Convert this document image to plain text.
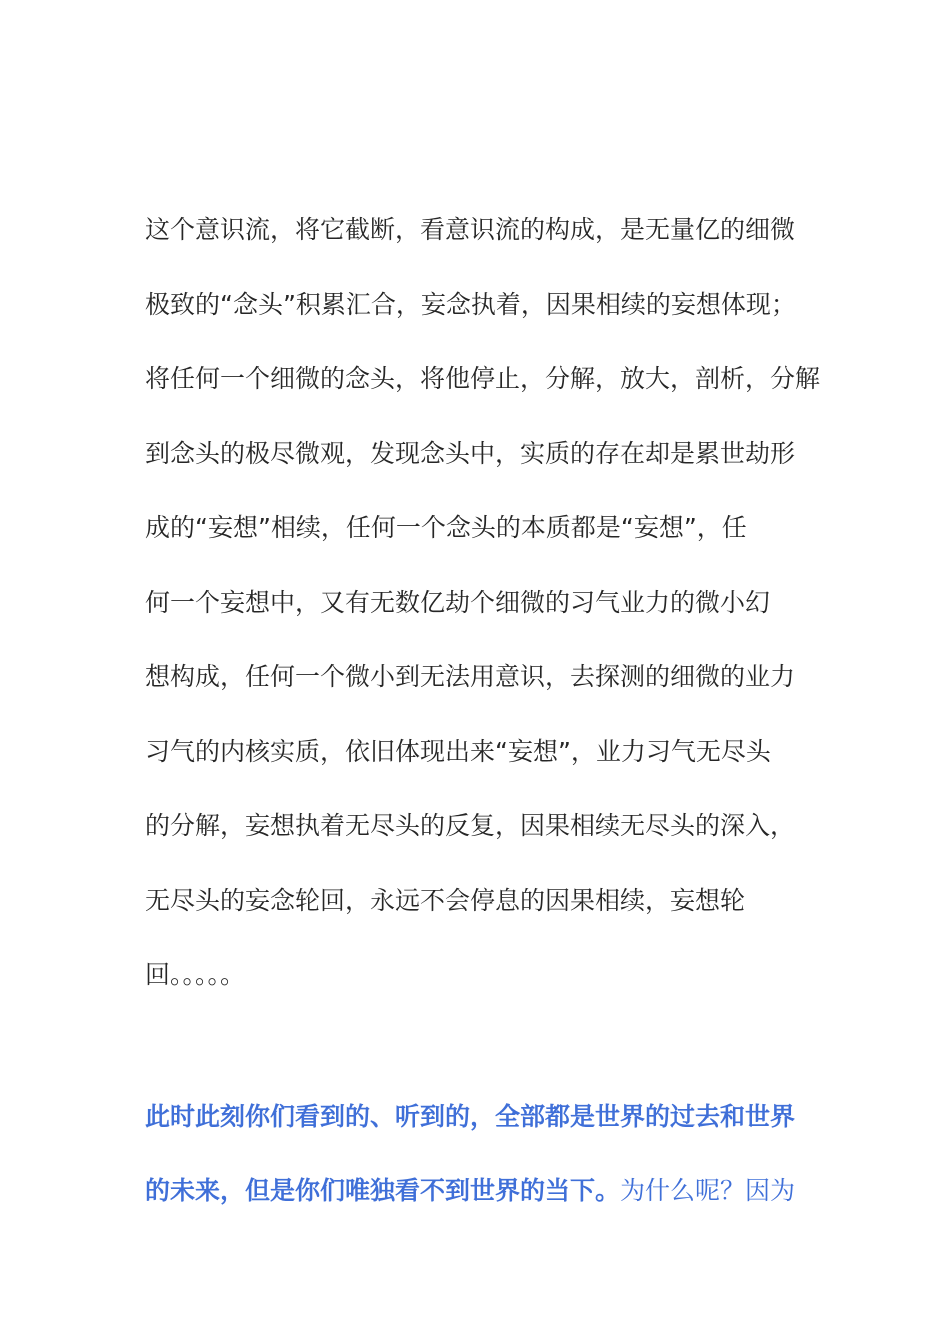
这个意识流，将它截断，看意识流的构成，是无量亿的细微
极致的“念头”积累汇合，妄念执着，因果相续的妄想体现；
将任何一个细微的念头，将他停止，分解，放大，剖析，分解
到念头的极尽微观，发现念头中，实质的存在却是累世劫形
成的“妄想”相续，任何一个念头的本质都是“妄想”，任
何一个妄想中，又有无数亿劫个细微的习气业力的微小幻
想构成，任何一个微小到无法用意识，去探测的细微的业力
习气的内核实质，依旧体现出来“妄想”，业力习气无尽头
的分解，妄想执着无尽头的反复，因果相续无尽头的深入，
无尽头的妄念轮回，永远不会停息的因果相续，妄想轮
回。。。。。
此时此刻你们看到的、听到的，全部都是世界的过去和世界
的未来，但是你们唯独看不到世界的当下。为什么呢？因为
